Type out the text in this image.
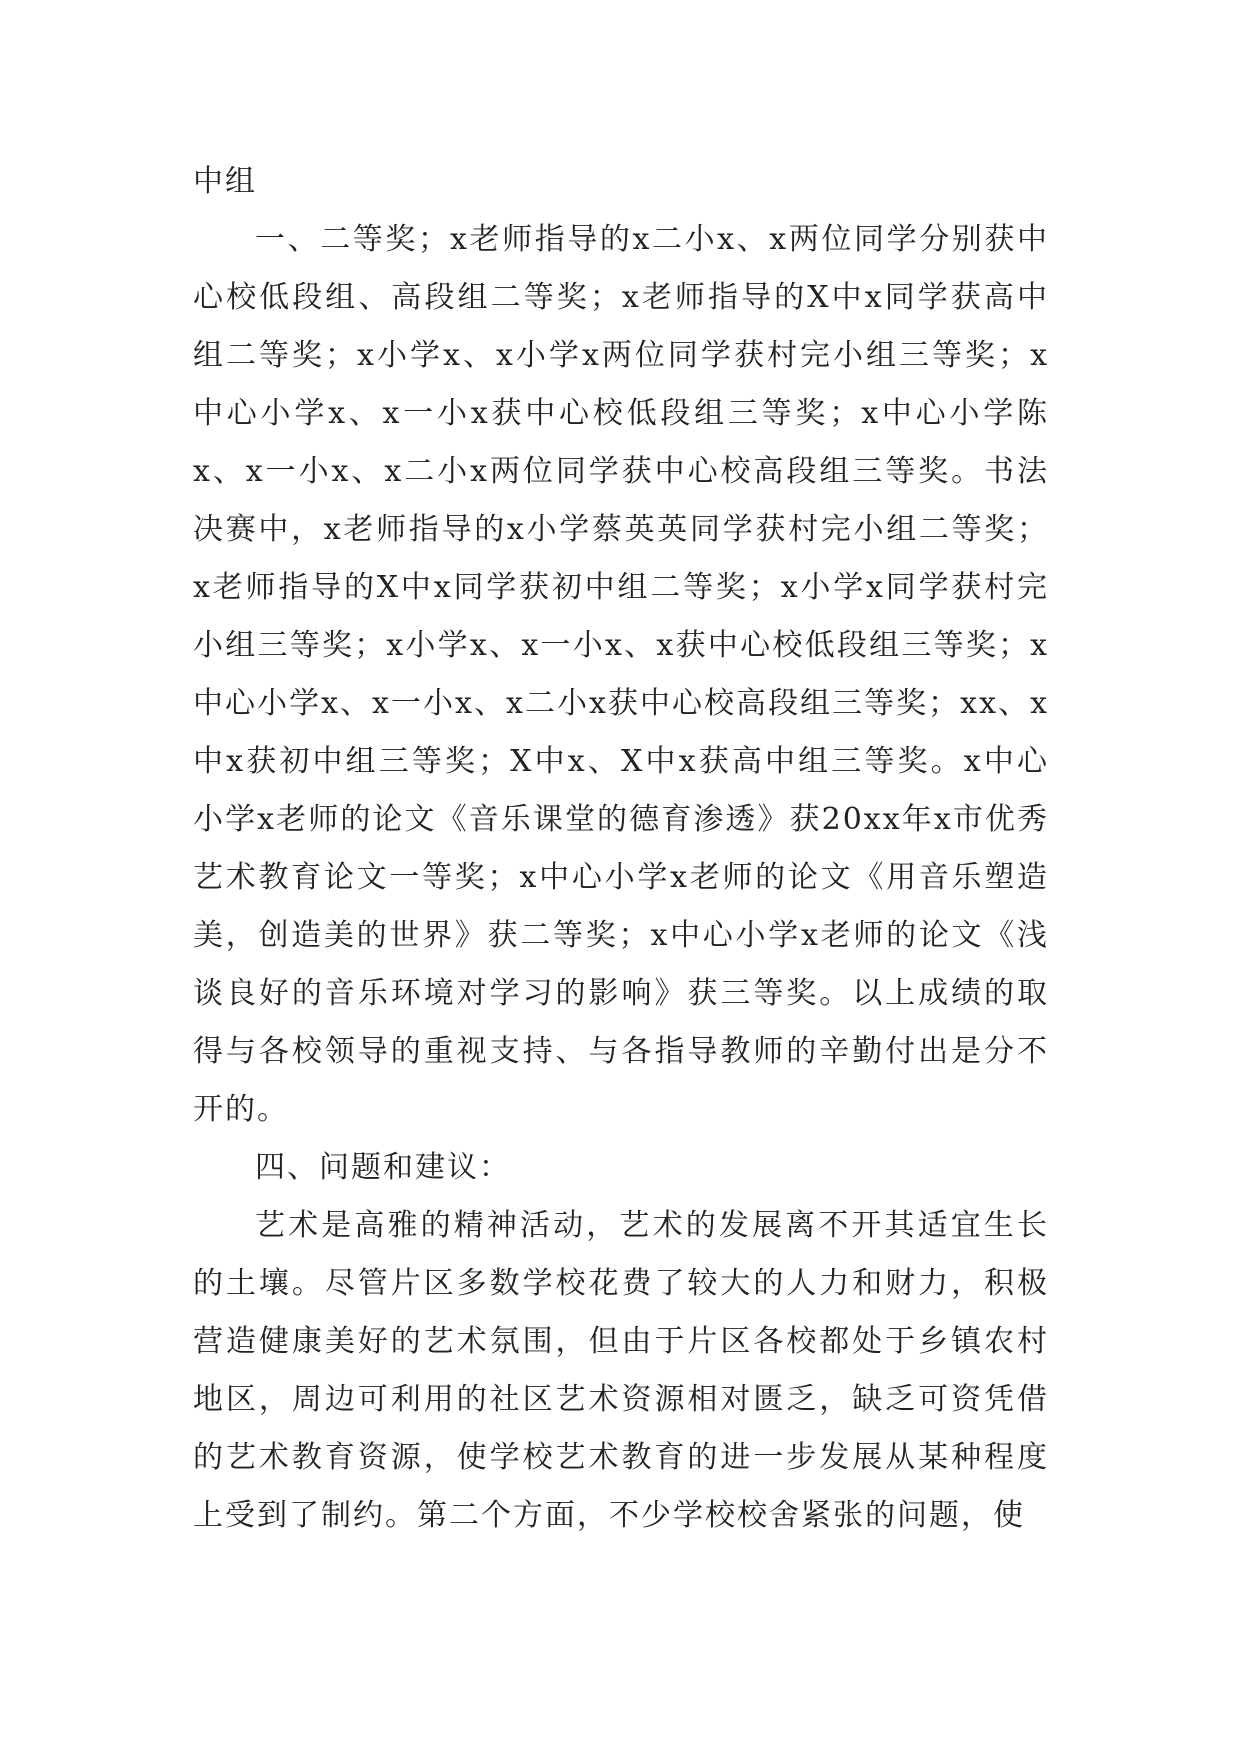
中组

一、二等奖；x老师指导的x二小x、x两位同学分别获中心校低段组、高段组二等奖；x老师指导的X中x同学获高中组二等奖；x小学x、x小学x两位同学获村完小组三等奖；x中心小学x、x一小x获中心校低段组三等奖；x中心小学陈x、x一小x、x二小x两位同学获中心校高段组三等奖。书法决赛中，x老师指导的x小学蔡英英同学获村完小组二等奖；x老师指导的X中x同学获初中组二等奖；x小学x同学获村完小组三等奖；x小学x、x一小x、x获中心校低段组三等奖；x中心小学x、x一小x、x二小x获中心校高段组三等奖；xx、x中x获初中组三等奖；X中x、X中x获高中组三等奖。x中心小学x老师的论文《音乐课堂的德育渗透》获20xx年x市优秀艺术教育论文一等奖；x中心小学x老师的论文《用音乐塑造美，创造美的世界》获二等奖；x中心小学x老师的论文《浅谈良好的音乐环境对学习的影响》获三等奖。以上成绩的取得与各校领导的重视支持、与各指导教师的辛勤付出是分不开的。

四、问题和建议：

艺术是高雅的精神活动，艺术的发展离不开其适宜生长的土壤。尽管片区多数学校花费了较大的人力和财力，积极营造健康美好的艺术氛围，但由于片区各校都处于乡镇农村地区，周边可利用的社区艺术资源相对匮乏，缺乏可资凭借的艺术教育资源，使学校艺术教育的进一步发展从某种程度上受到了制约。第二个方面，不少学校校舍紧张的问题，使
